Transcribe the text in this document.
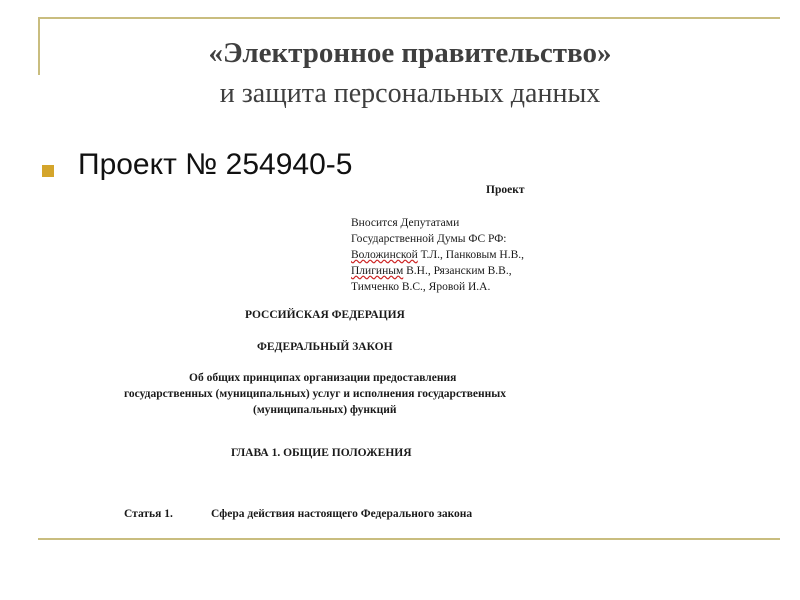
«Электронное правительство»
и защита персональных данных
Проект № 254940-5
Проект
Вносится Депутатами
Государственной Думы ФС РФ:
Воложинской Т.Л., Панковым Н.В.,
Плигиным В.Н., Рязанским В.В.,
Тимченко В.С., Яровой И.А.
РОССИЙСКАЯ ФЕДЕРАЦИЯ
ФЕДЕРАЛЬНЫЙ ЗАКОН
Об общих принципах организации предоставления
государственных (муниципальных) услуг и исполнения государственных
(муниципальных) функций
ГЛАВА 1. ОБЩИЕ ПОЛОЖЕНИЯ
Статья 1.	Сфера действия настоящего Федерального закона
